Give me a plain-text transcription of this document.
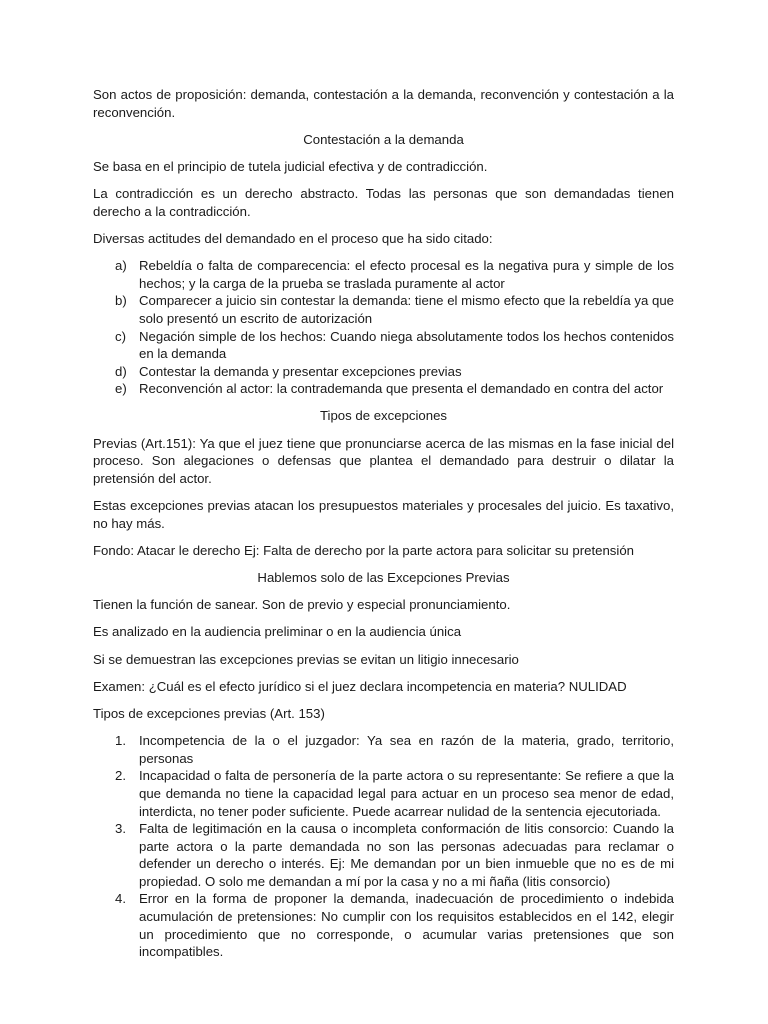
Son actos de proposición: demanda, contestación a la demanda, reconvención y contestación a la reconvención.

Contestación a la demanda

Se basa en el principio de tutela judicial efectiva y de contradicción.

La contradicción es un derecho abstracto. Todas las personas que son demandadas tienen derecho a la contradicción.

Diversas actitudes del demandado en el proceso que ha sido citado:

a) Rebeldía o falta de comparecencia: el efecto procesal es la negativa pura y simple de los hechos; y la carga de la prueba se traslada puramente al actor
b) Comparecer a juicio sin contestar la demanda: tiene el mismo efecto que la rebeldía ya que solo presentó un escrito de autorización
c) Negación simple de los hechos: Cuando niega absolutamente todos los hechos contenidos en la demanda
d) Contestar la demanda y presentar excepciones previas
e) Reconvención al actor: la contrademanda que presenta el demandado en contra del actor

Tipos de excepciones

Previas (Art.151): Ya que el juez tiene que pronunciarse acerca de las mismas en la fase inicial del proceso. Son alegaciones o defensas que plantea el demandado para destruir o dilatar la pretensión del actor.

Estas excepciones previas atacan los presupuestos materiales y procesales del juicio. Es taxativo, no hay más.

Fondo: Atacar le derecho Ej: Falta de derecho por la parte actora para solicitar su pretensión

Hablemos solo de las Excepciones Previas

Tienen la función de sanear. Son de previo y especial pronunciamiento.

Es analizado en la audiencia preliminar o en la audiencia única

Si se demuestran las excepciones previas se evitan un litigio innecesario

Examen: ¿Cuál es el efecto jurídico si el juez declara incompetencia en materia? NULIDAD

Tipos de excepciones previas (Art. 153)

1. Incompetencia de la o el juzgador: Ya sea en razón de la materia, grado, territorio, personas
2. Incapacidad o falta de personería de la parte actora o su representante: Se refiere a que la que demanda no tiene la capacidad legal para actuar en un proceso sea menor de edad, interdicta, no tener poder suficiente. Puede acarrear nulidad de la sentencia ejecutoriada.
3. Falta de legitimación en la causa o incompleta conformación de litis consorcio: Cuando la parte actora o la parte demandada no son las personas adecuadas para reclamar o defender un derecho o interés. Ej: Me demandan por un bien inmueble que no es de mi propiedad. O solo me demandan a mí por la casa y no a mi ñaña (litis consorcio)
4. Error en la forma de proponer la demanda, inadecuación de procedimiento o indebida acumulación de pretensiones: No cumplir con los requisitos establecidos en el 142, elegir un procedimiento que no corresponde, o acumular varias pretensiones que son incompatibles.
